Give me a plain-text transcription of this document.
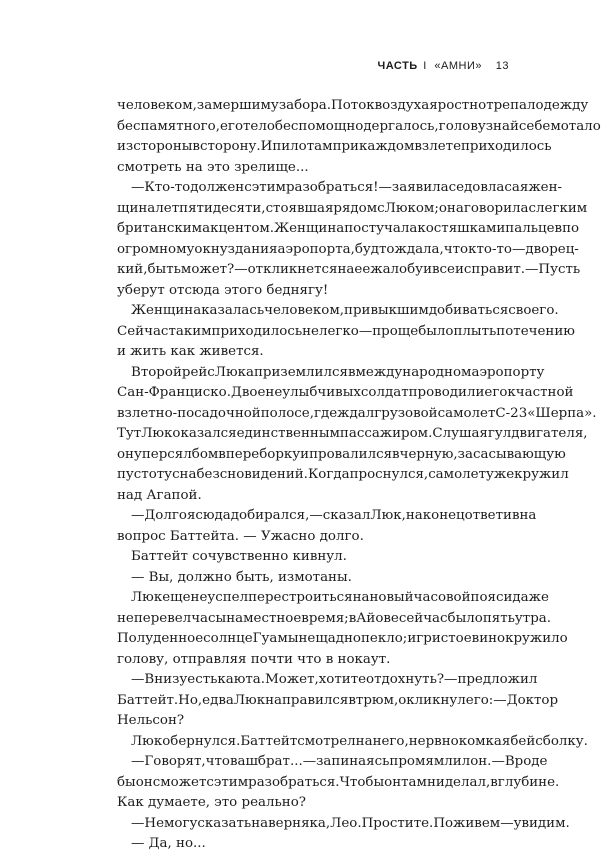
ЧАСТЬ I «АМНИ» 13
человеком, замершим у забора. Поток воздуха яростно трепал одежду
беспамятного, его тело беспомощно дергалось, голову знай себе мотало
из стороны в сторону. И пилотам при каждом взлете приходилось
смотреть на это зрелище...
— Кто-то должен с этим разобраться! — заявила седовласая жен-
щина лет пятидесяти, стоявшая рядом с Люком; она говорила с легким
британским акцентом. Женщина постучала костяшками пальцев по
огромному окну здания аэропорта, будто ждала, что кто-то — дворец-
кий, быть может? — откликнется на ее жалобу и все исправит. — Пусть
уберут отсюда этого беднягу!
Женщина казалась человеком, привыкшим добиваться своего.
Сейчас таким приходилось нелегко — проще было плыть по течению
и жить как живется.
Второй рейс Люка приземлился в международном аэропорту
Сан-Франциско. Двое неулыбчивых солдат проводили его к частной
взлетно-посадочной полосе, где ждал грузовой самолет С-23 «Шерпа».
Тут Люк оказался единственным пассажиром. Слушая гул двигателя,
он уперся лбом в переборку и провалился в черную, засасывающую
пустоту сна без сновидений. Когда проснулся, самолет уже кружил
над Агапой.
— Долго я сюда добирался, — сказал Люк, наконец ответив на
вопрос Баттейта. — Ужасно долго.
Баттейт сочувственно кивнул.
— Вы, должно быть, измотаны.
Люк еще не успел перестроиться на новый часовой пояс и даже
не перевел часы на местное время; в Айове сейчас было пять утра.
Полуденное солнце Гуамы нещадно пекло; игристое вино кружило
голову, отправляя почти что в нокаут.
— Внизу есть каюта. Может, хотите отдохнуть? — предложил
Баттейт. Но, едва Люк направился в трюм, окликнул его: — Доктор
Нельсон?
Люк обернулся. Баттейт смотрел на него, нервно комкая бейсболку.
— Говорят, что ваш брат... — запинаясь промямлил он. — Вроде
бы он сможет с этим разобраться. Что бы он там ни делал, в глубине.
Как думаете, это реально?
— Не могу сказать наверняка, Лео. Простите. Поживем — увидим.
— Да, но...
